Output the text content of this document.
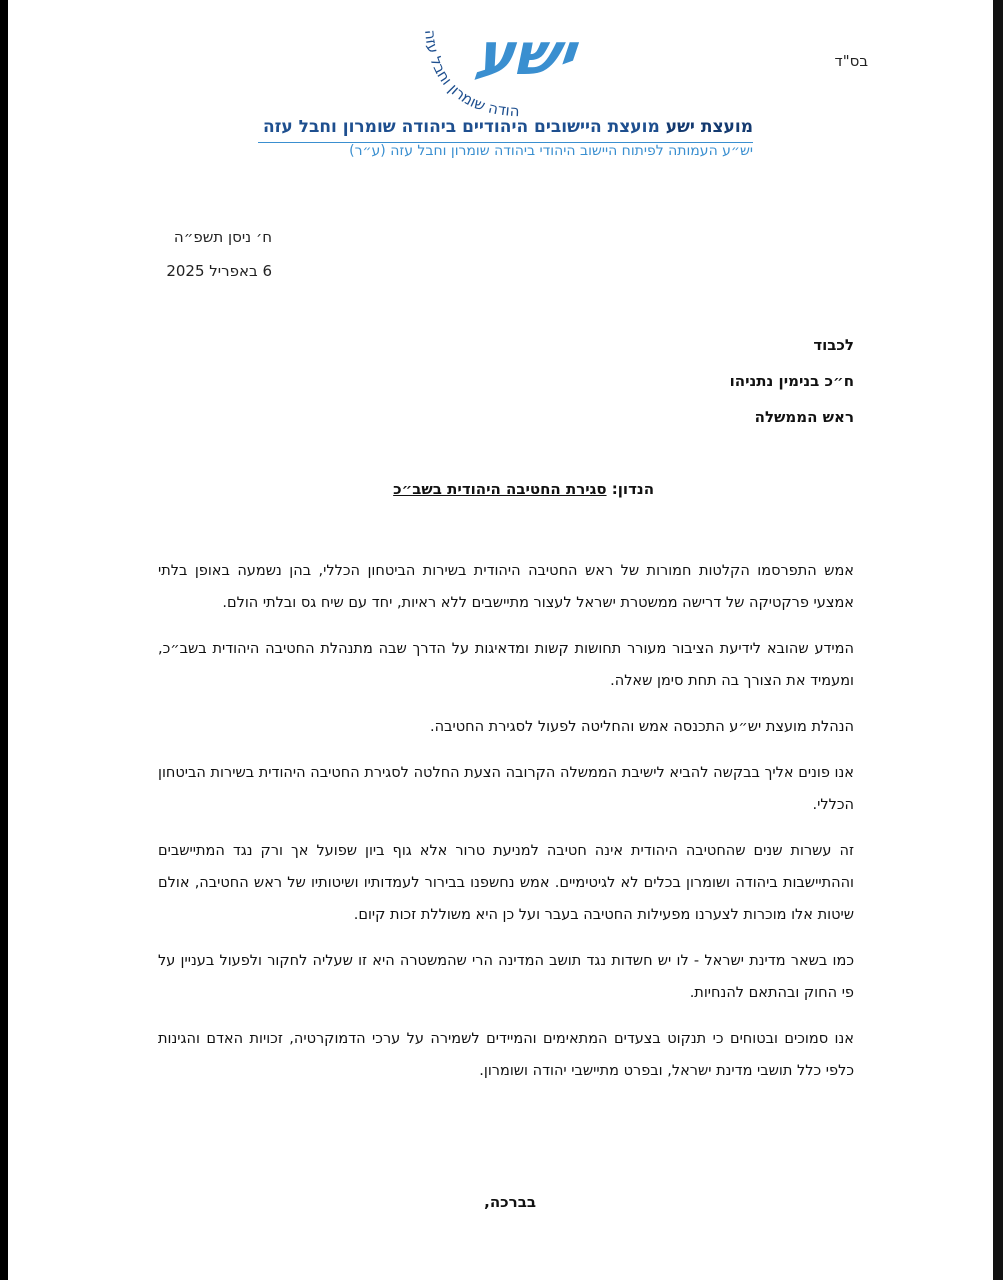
בס"ד
ישע
הודה שומרון וחבל עזה
מועצת ישע מועצת היישובים היהודיים ביהודה שומרון וחבל עזה
יש״ע העמותה לפיתוח היישוב היהודי ביהודה שומרון וחבל עזה (ע״ר)
ח׳ ניסן תשפ״ה
6 באפריל 2025
לכבוד
ח״כ בנימין נתניהו
ראש הממשלה
הנדון: סגירת החטיבה היהודית בשב״כ

אמש התפרסמו הקלטות חמורות של ראש החטיבה היהודית בשירות הביטחון הכללי, בהן נשמעה באופן בלתי אמצעי פרקטיקה של דרישה ממשטרת ישראל לעצור מתיישבים ללא ראיות, יחד עם שיח גס ובלתי הולם.

המידע שהובא לידיעת הציבור מעורר תחושות קשות ומדאיגות על הדרך שבה מתנהלת החטיבה היהודית בשב״כ, ומעמיד את הצורך בה תחת סימן שאלה.

הנהלת מועצת יש״ע התכנסה אמש והחליטה לפעול לסגירת החטיבה.

אנו פונים אליך בבקשה להביא לישיבת הממשלה הקרובה הצעת החלטה לסגירת החטיבה היהודית בשירות הביטחון הכללי.

זה עשרות שנים שהחטיבה היהודית אינה חטיבה למניעת טרור אלא גוף ביון שפועל אך ורק נגד המתיישבים וההתיישבות ביהודה ושומרון בכלים לא לגיטימיים. אמש נחשפנו בבירור לעמדותיו ושיטותיו של ראש החטיבה, אולם שיטות אלו מוכרות לצערנו מפעילות החטיבה בעבר ועל כן היא משוללת זכות קיום.

כמו בשאר מדינת ישראל - לו יש חשדות נגד תושב המדינה הרי שהמשטרה היא זו שעליה לחקור ולפעול בעניין על פי החוק ובהתאם להנחיות.

אנו סמוכים ובטוחים כי תנקוט בצעדים המתאימים והמיידים לשמירה על ערכי הדמוקרטיה, זכויות האדם והגינות כלפי כלל תושבי מדינת ישראל, ובפרט מתיישבי יהודה ושומרון.

בברכה,
